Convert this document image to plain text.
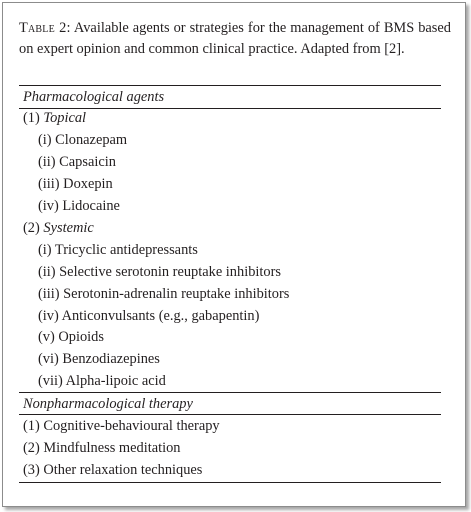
Table 2: Available agents or strategies for the management of BMS based on expert opinion and common clinical practice. Adapted from [2].
Pharmacological agents
(1) Topical
(i) Clonazepam
(ii) Capsaicin
(iii) Doxepin
(iv) Lidocaine
(2) Systemic
(i) Tricyclic antidepressants
(ii) Selective serotonin reuptake inhibitors
(iii) Serotonin-adrenalin reuptake inhibitors
(iv) Anticonvulsants (e.g., gabapentin)
(v) Opioids
(vi) Benzodiazepines
(vii) Alpha-lipoic acid
Nonpharmacological therapy
(1) Cognitive-behavioural therapy
(2) Mindfulness meditation
(3) Other relaxation techniques
